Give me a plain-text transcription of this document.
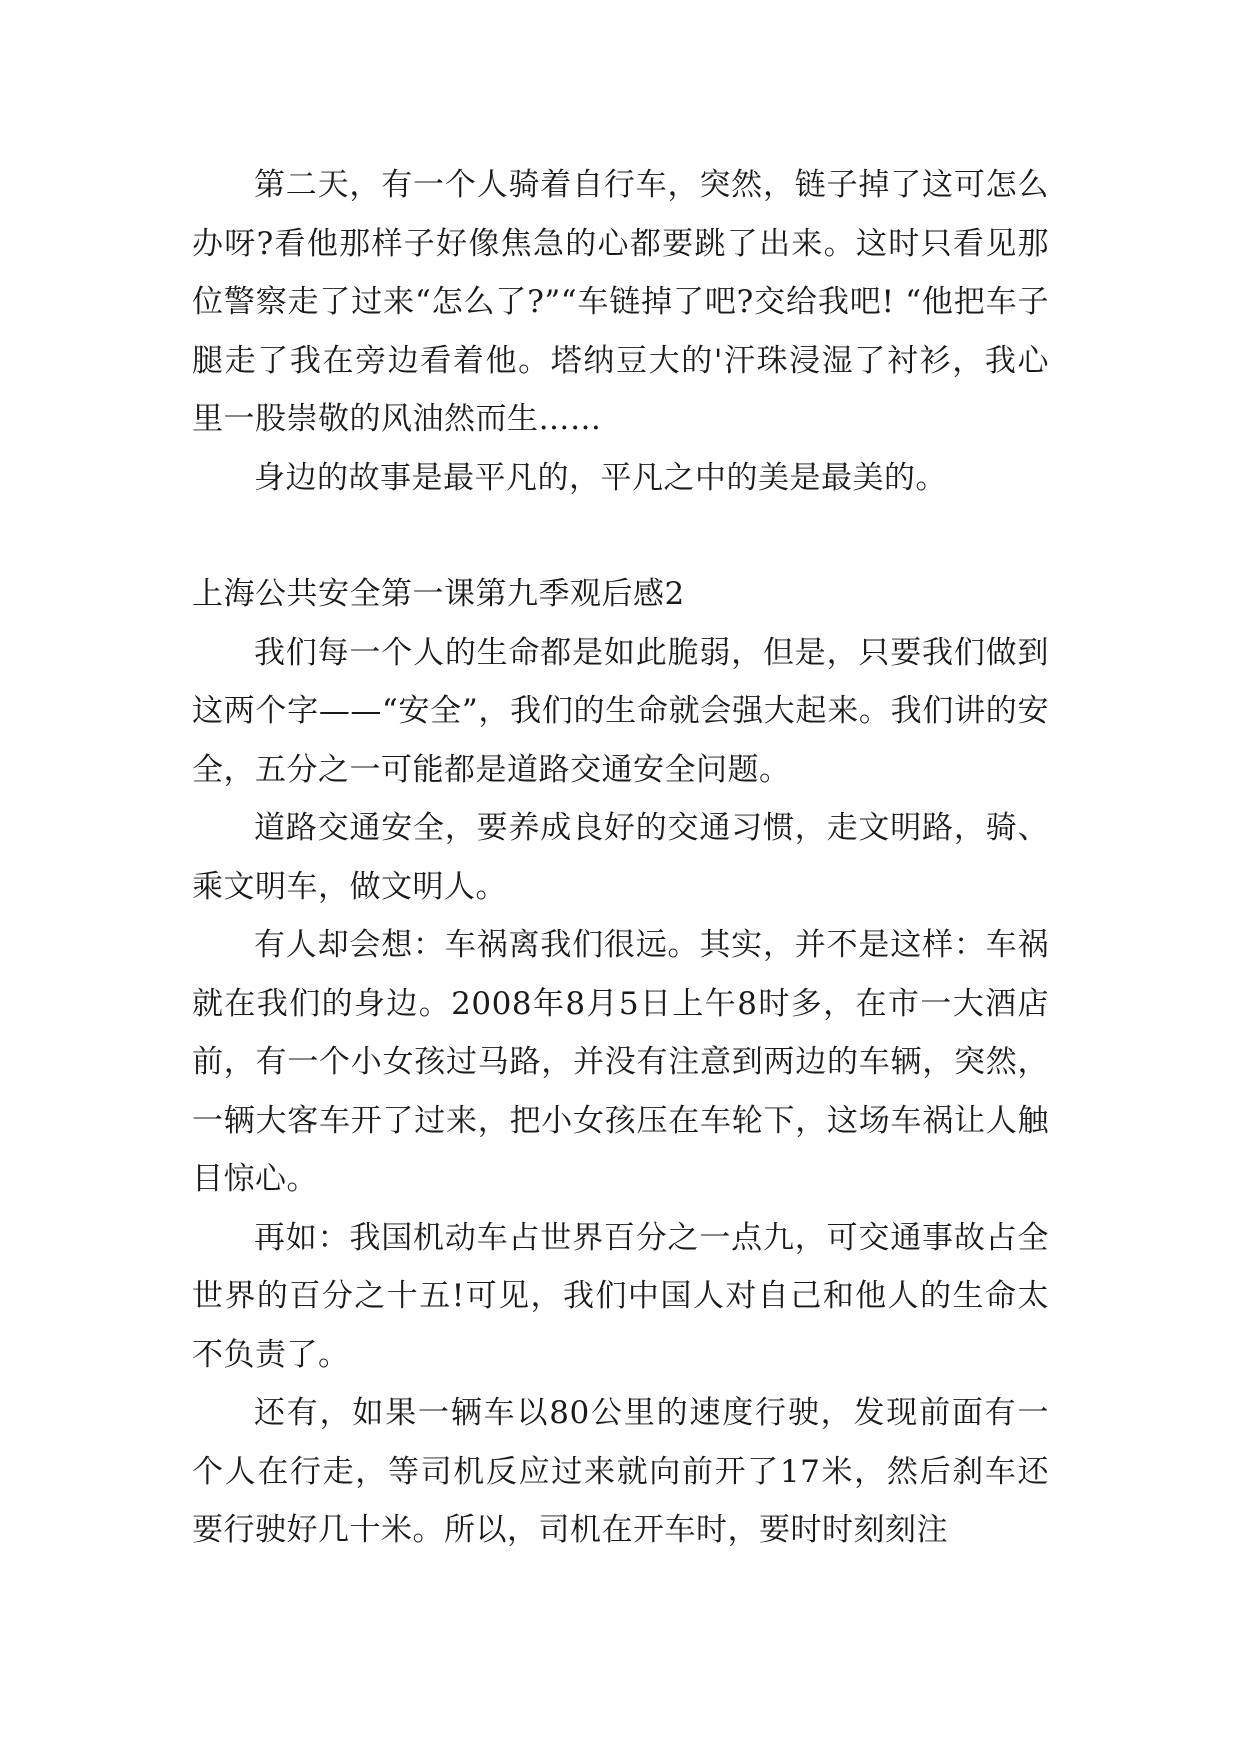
第二天，有一个人骑着自行车，突然，链子掉了这可怎么办呀?看他那样子好像焦急的心都要跳了出来。这时只看见那位警察走了过来“怎么了?”“车链掉了吧?交给我吧! “他把车子腿走了我在旁边看着他。塔纳豆大的'汗珠浸湿了衬衫，我心里一股崇敬的风油然而生……

身边的故事是最平凡的，平凡之中的美是最美的。

上海公共安全第一课第九季观后感2

我们每一个人的生命都是如此脆弱，但是，只要我们做到这两个字——“安全”，我们的生命就会强大起来。我们讲的安全，五分之一可能都是道路交通安全问题。

道路交通安全，要养成良好的交通习惯，走文明路，骑、乘文明车，做文明人。

有人却会想：车祸离我们很远。其实，并不是这样：车祸就在我们的身边。2008年8月5日上午8时多，在市一大酒店前，有一个小女孩过马路，并没有注意到两边的车辆，突然，一辆大客车开了过来，把小女孩压在车轮下，这场车祸让人触目惊心。

再如：我国机动车占世界百分之一点九，可交通事故占全世界的百分之十五!可见，我们中国人对自己和他人的生命太不负责了。

还有，如果一辆车以80公里的速度行驶，发现前面有一个人在行走，等司机反应过来就向前开了17米，然后刹车还要行驶好几十米。所以，司机在开车时，要时时刻刻注
